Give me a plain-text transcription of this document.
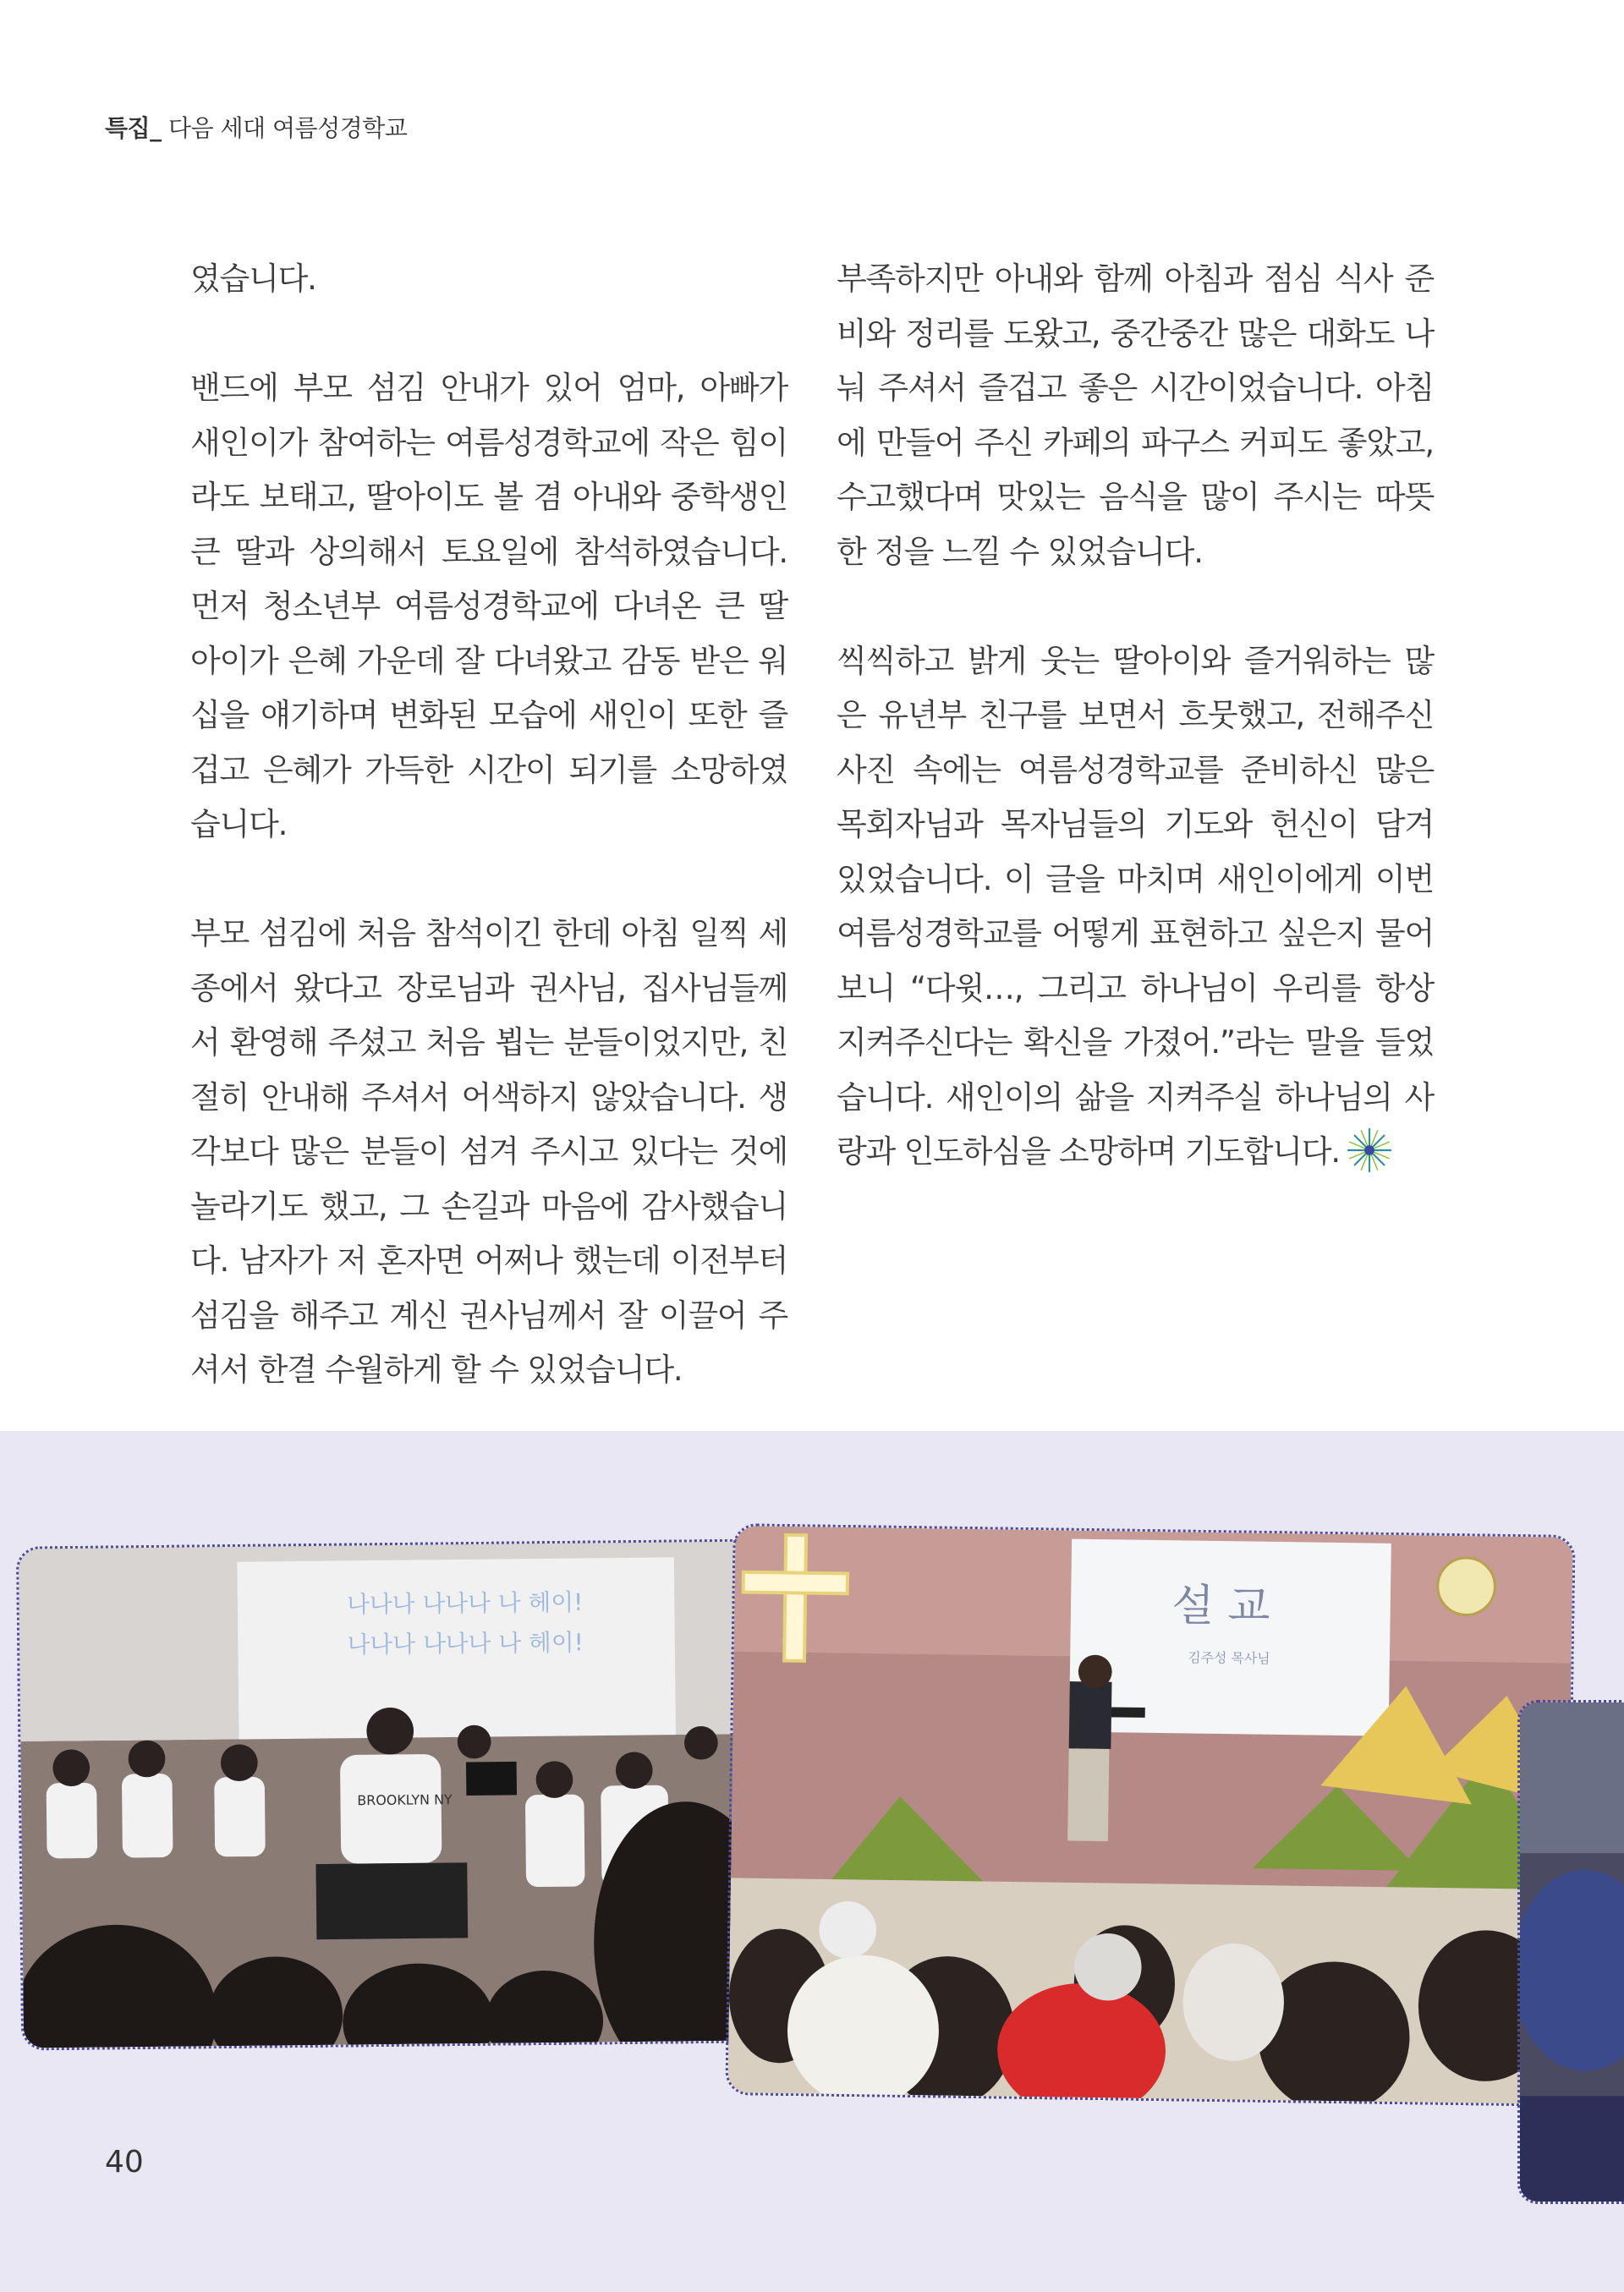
특집_ 다음 세대 여름성경학교

였습니다.

밴드에 부모 섬김 안내가 있어 엄마, 아빠가 새인이가 참여하는 여름성경학교에 작은 힘이라도 보태고, 딸아이도 볼 겸 아내와 중학생인 큰 딸과 상의해서 토요일에 참석하였습니다. 먼저 청소년부 여름성경학교에 다녀온 큰 딸아이가 은혜 가운데 잘 다녀왔고 감동 받은 워십을 얘기하며 변화된 모습에 새인이 또한 즐겁고 은혜가 가득한 시간이 되기를 소망하였습니다.

부모 섬김에 처음 참석이긴 한데 아침 일찍 세종에서 왔다고 장로님과 권사님, 집사님들께서 환영해 주셨고 처음 뵙는 분들이었지만, 친절히 안내해 주셔서 어색하지 않았습니다. 생각보다 많은 분들이 섬겨 주시고 있다는 것에 놀라기도 했고, 그 손길과 마음에 감사했습니다. 남자가 저 혼자면 어쩌나 했는데 이전부터 섬김을 해주고 계신 권사님께서 잘 이끌어 주셔서 한결 수월하게 할 수 있었습니다.

부족하지만 아내와 함께 아침과 점심 식사 준비와 정리를 도왔고, 중간중간 많은 대화도 나눠 주셔서 즐겁고 좋은 시간이었습니다. 아침에 만들어 주신 카페의 파구스 커피도 좋았고, 수고했다며 맛있는 음식을 많이 주시는 따뜻한 정을 느낄 수 있었습니다.

씩씩하고 밝게 웃는 딸아이와 즐거워하는 많은 유년부 친구를 보면서 흐뭇했고, 전해주신 사진 속에는 여름성경학교를 준비하신 많은 목회자님과 목자님들의 기도와 헌신이 담겨 있었습니다. 이 글을 마치며 새인이에게 이번 여름성경학교를 어떻게 표현하고 싶은지 물어보니 “다윗…, 그리고 하나님이 우리를 항상 지켜주신다는 확신을 가졌어.”라는 말을 들었습니다. 새인이의 삶을 지켜주실 하나님의 사랑과 인도하심을 소망하며 기도합니다.

나나나 나나나 나 헤이!
나나나 나나나 나 헤이!
BROOKLYN NY
설 교
김주성 목사님
40
